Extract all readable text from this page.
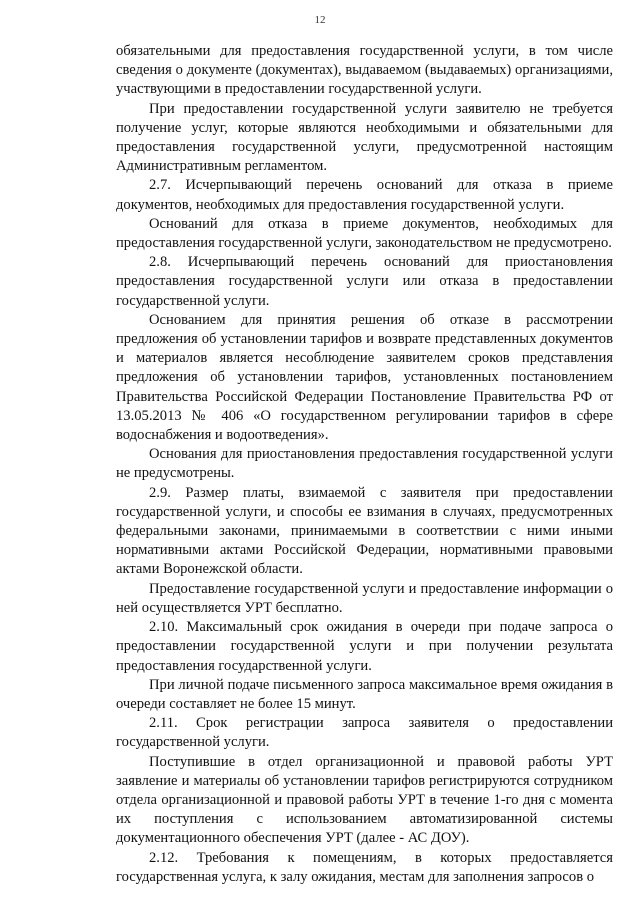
12

обязательными для предоставления государственной услуги, в том числе сведения о документе (документах), выдаваемом (выдаваемых) организациями, участвующими в предоставлении государственной услуги.

При предоставлении государственной услуги заявителю не требуется получение услуг, которые являются необходимыми и обязательными для предоставления государственной услуги, предусмотренной настоящим Административным регламентом.

2.7. Исчерпывающий перечень оснований для отказа в приеме документов, необходимых для предоставления государственной услуги.

Оснований для отказа в приеме документов, необходимых для предоставления государственной услуги, законодательством не предусмотрено.

2.8. Исчерпывающий перечень оснований для приостановления предоставления государственной услуги или отказа в предоставлении государственной услуги.

Основанием для принятия решения об отказе в рассмотрении предложения об установлении тарифов и возврате представленных документов и материалов является несоблюдение заявителем сроков представления предложения об установлении тарифов, установленных постановлением Правительства Российской Федерации Постановление Правительства РФ от 13.05.2013 № 406 «О государственном регулировании тарифов в сфере водоснабжения и водоотведения».

Основания для приостановления предоставления государственной услуги не предусмотрены.

2.9. Размер платы, взимаемой с заявителя при предоставлении государственной услуги, и способы ее взимания в случаях, предусмотренных федеральными законами, принимаемыми в соответствии с ними иными нормативными актами Российской Федерации, нормативными правовыми актами Воронежской области.

Предоставление государственной услуги и предоставление информации о ней осуществляется УРТ бесплатно.

2.10. Максимальный срок ожидания в очереди при подаче запроса о предоставлении государственной услуги и при получении результата предоставления государственной услуги.

При личной подаче письменного запроса максимальное время ожидания в очереди составляет не более 15 минут.

2.11. Срок регистрации запроса заявителя о предоставлении государственной услуги.

Поступившие в отдел организационной и правовой работы УРТ заявление и материалы об установлении тарифов регистрируются сотрудником отдела организационной и правовой работы УРТ в течение 1-го дня с момента их поступления с использованием автоматизированной системы документационного обеспечения УРТ (далее - АС ДОУ).

2.12. Требования к помещениям, в которых предоставляется государственная услуга, к залу ожидания, местам для заполнения запросов о
